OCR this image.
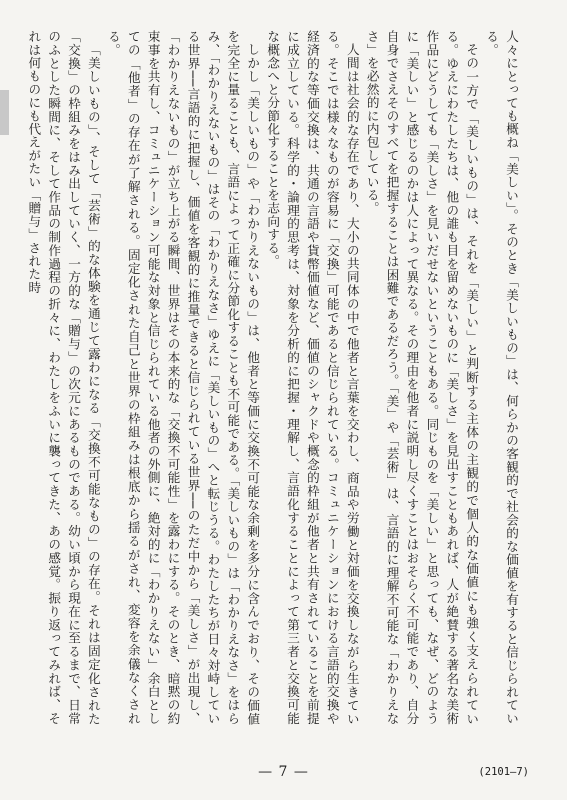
人々にとっても概ね「美しい」。そのとき「美しいもの」は、何らかの客観的で社会的な価値を有すると信じられている。

その一方で「美しいもの」は、それを「美しい」と判断する主体の主観的で個人的な価値にも強く支えられている。ゆえにわたしたちは、他の誰も目を留めないものに「美しさ」を見出すこともあれば、人が絶賛する著名な美術作品にどうしても「美しさ」を見いだせないということもある。同じものを「美しい」と思っても、なぜ、どのように「美しい」と感じるのかは人によって異なる。その理由を他者に説明し尽くすことはおそらく不可能であり、自分自身でさえそのすべてを把握することは困難であるだろう。「美」や「芸術」は、言語的に理解不可能な「わかりえなさ」を必然的に内包している。

人間は社会的な存在であり、大小の共同体の中で他者と言葉を交わし、商品や労働と対価を交換しながら生きている。そこでは様々なものが容易に「交換」可能であると信じられている。コミュニケーションにおける言語的交換や経済的な等価交換は、共通の言語や貨幣価値など、価値のシャクドや概念的枠組が他者と共有されていることを前提に成立している。科学的・論理的思考は、対象を分析的に把握・理解し、言語化することによって第三者と交換可能な概念へと分節化することを志向する。

しかし「美しいもの」や「わかりえないもの」は、他者と等価に交換不可能な余剰を多分に含んでおり、その価値を完全に量ることも、言語によって正確に分節化することも不可能である。「美しいもの」は「わかりえなさ」をはらみ、「わかりえないもの」はその「わかりえなさ」ゆえに「美しいもの」へと転じうる。わたしたちが日々対峙している世界──言語的に把握し、価値を客観的に推量できると信じられている世界──のただ中から「美しさ」が出現し、「わかりえないもの」が立ち上がる瞬間、世界はその本来的な「交換不可能性」を露わにする。そのとき、暗黙の約束事を共有し、コミュニケーション可能な対象と信じられている他者の外側に、絶対的に「わかりえない」余白としての「他者」の存在が了解される。固定化された自己と世界の枠組みは根底から揺るがされ、変容を余儀なくされる。

「美しいもの」、そして「芸術」的な体験を通じて露わになる「交換不可能なもの」の存在。それは固定化された「交換」の枠組みをはみ出していく、一方的な「贈与」の次元にあるものである。幼い頃から現在に至るまで、日常のふとした瞬間に、そして作品の制作過程の折々に、わたしをふいに襲ってきた、あの感覚。振り返ってみれば、それは何ものにも代えがたい「贈与」された時

— 7 —	(2101—7)
